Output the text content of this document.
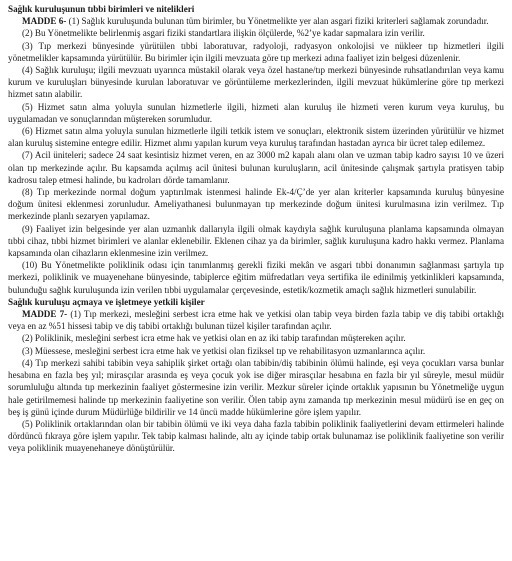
Sağlık kuruluşunun tıbbi birimleri ve nitelikleri

MADDE 6- (1) Sağlık kuruluşunda bulunan tüm birimler, bu Yönetmelikte yer alan asgari fiziki kriterleri sağlamak zorundadır.

(2) Bu Yönetmelikte belirlenmiş asgari fiziki standartlara ilişkin ölçülerde, %2’ye kadar sapmalara izin verilir.

(3) Tıp merkezi bünyesinde yürütülen tıbbi laboratuvar, radyoloji, radyasyon onkolojisi ve nükleer tıp hizmetleri ilgili yönetmelikler kapsamında yürütülür. Bu birimler için ilgili mevzuata göre tıp merkezi adına faaliyet izin belgesi düzenlenir.

(4) Sağlık kuruluşu; ilgili mevzuatı uyarınca müstakil olarak veya özel hastane/tıp merkezi bünyesinde ruhsatlandırılan veya kamu kurum ve kuruluşları bünyesinde kurulan laboratuvar ve görüntüleme merkezlerinden, ilgili mevzuat hükümlerine göre tıp merkezi hizmet satın alabilir.

(5) Hizmet satın alma yoluyla sunulan hizmetlerle ilgili, hizmeti alan kuruluş ile hizmeti veren kurum veya kuruluş, bu uygulamadan ve sonuçlarından müştereken sorumludur.

(6) Hizmet satın alma yoluyla sunulan hizmetlerle ilgili tetkik istem ve sonuçları, elektronik sistem üzerinden yürütülür ve hizmet alan kuruluş sistemine entegre edilir. Hizmet alımı yapılan kurum veya kuruluş tarafından hastadan ayrıca bir ücret talep edilemez.

(7) Acil üniteleri; sadece 24 saat kesintisiz hizmet veren, en az 3000 m2 kapalı alanı olan ve uzman tabip kadro sayısı 10 ve üzeri olan tıp merkezinde açılır. Bu kapsamda açılmış acil ünitesi bulunan kuruluşların, acil ünitesinde çalışmak şartıyla pratisyen tabip kadrosu talep etmesi halinde, bu kadroları dörde tamamlanır.

(8) Tıp merkezinde normal doğum yaptırılmak istenmesi halinde Ek-4/Ç’de yer alan kriterler kapsamında kuruluş bünyesine doğum ünitesi eklenmesi zorunludur. Ameliyathanesi bulunmayan tıp merkezinde doğum ünitesi kurulmasına izin verilmez. Tıp merkezinde planlı sezaryen yapılamaz.

(9) Faaliyet izin belgesinde yer alan uzmanlık dallarıyla ilgili olmak kaydıyla sağlık kuruluşuna planlama kapsamında olmayan tıbbi cihaz, tıbbi hizmet birimleri ve alanlar eklenebilir. Eklenen cihaz ya da birimler, sağlık kuruluşuna kadro hakkı vermez. Planlama kapsamında olan cihazların eklenmesine izin verilmez.

(10) Bu Yönetmelikte poliklinik odası için tanımlanmış gerekli fiziki mekân ve asgari tıbbi donanımın sağlanması şartıyla tıp merkezi, poliklinik ve muayenehane bünyesinde, tabiplerce eğitim müfredatları veya sertifika ile edinilmiş yetkinlikleri kapsamında, bulunduğu sağlık kuruluşunda izin verilen tıbbi uygulamalar çerçevesinde, estetik/kozmetik amaçlı sağlık hizmetleri sunulabilir.

Sağlık kuruluşu açmaya ve işletmeye yetkili kişiler

MADDE 7- (1) Tıp merkezi, mesleğini serbest icra etme hak ve yetkisi olan tabip veya birden fazla tabip ve diş tabibi ortaklığı veya en az %51 hissesi tabip ve diş tabibi ortaklığı bulunan tüzel kişiler tarafından açılır.

(2) Poliklinik, mesleğini serbest icra etme hak ve yetkisi olan en az iki tabip tarafından müştereken açılır.

(3) Müessese, mesleğini serbest icra etme hak ve yetkisi olan fiziksel tıp ve rehabilitasyon uzmanlarınca açılır.

(4) Tıp merkezi sahibi tabibin veya sahiplik şirket ortağı olan tabibin/diş tabibinin ölümü halinde, eşi veya çocukları varsa bunlar hesabına en fazla beş yıl; mirasçılar arasında eş veya çocuk yok ise diğer mirasçılar hesabına en fazla bir yıl süreyle, mesul müdür sorumluluğu altında tıp merkezinin faaliyet göstermesine izin verilir. Mezkur süreler içinde ortaklık yapısının bu Yönetmeliğe uygun hale getirilmemesi halinde tıp merkezinin faaliyetine son verilir. Ölen tabip aynı zamanda tıp merkezinin mesul müdürü ise en geç on beş iş günü içinde durum Müdürlüğe bildirilir ve 14 üncü madde hükümlerine göre işlem yapılır.

(5) Poliklinik ortaklarından olan bir tabibin ölümü ve iki veya daha fazla tabibin poliklinik faaliyetlerini devam ettirmeleri halinde dördüncü fıkraya göre işlem yapılır. Tek tabip kalması halinde, altı ay içinde tabip ortak bulunamaz ise poliklinik faaliyetine son verilir veya poliklinik muayenehaneye dönüştürülür.
